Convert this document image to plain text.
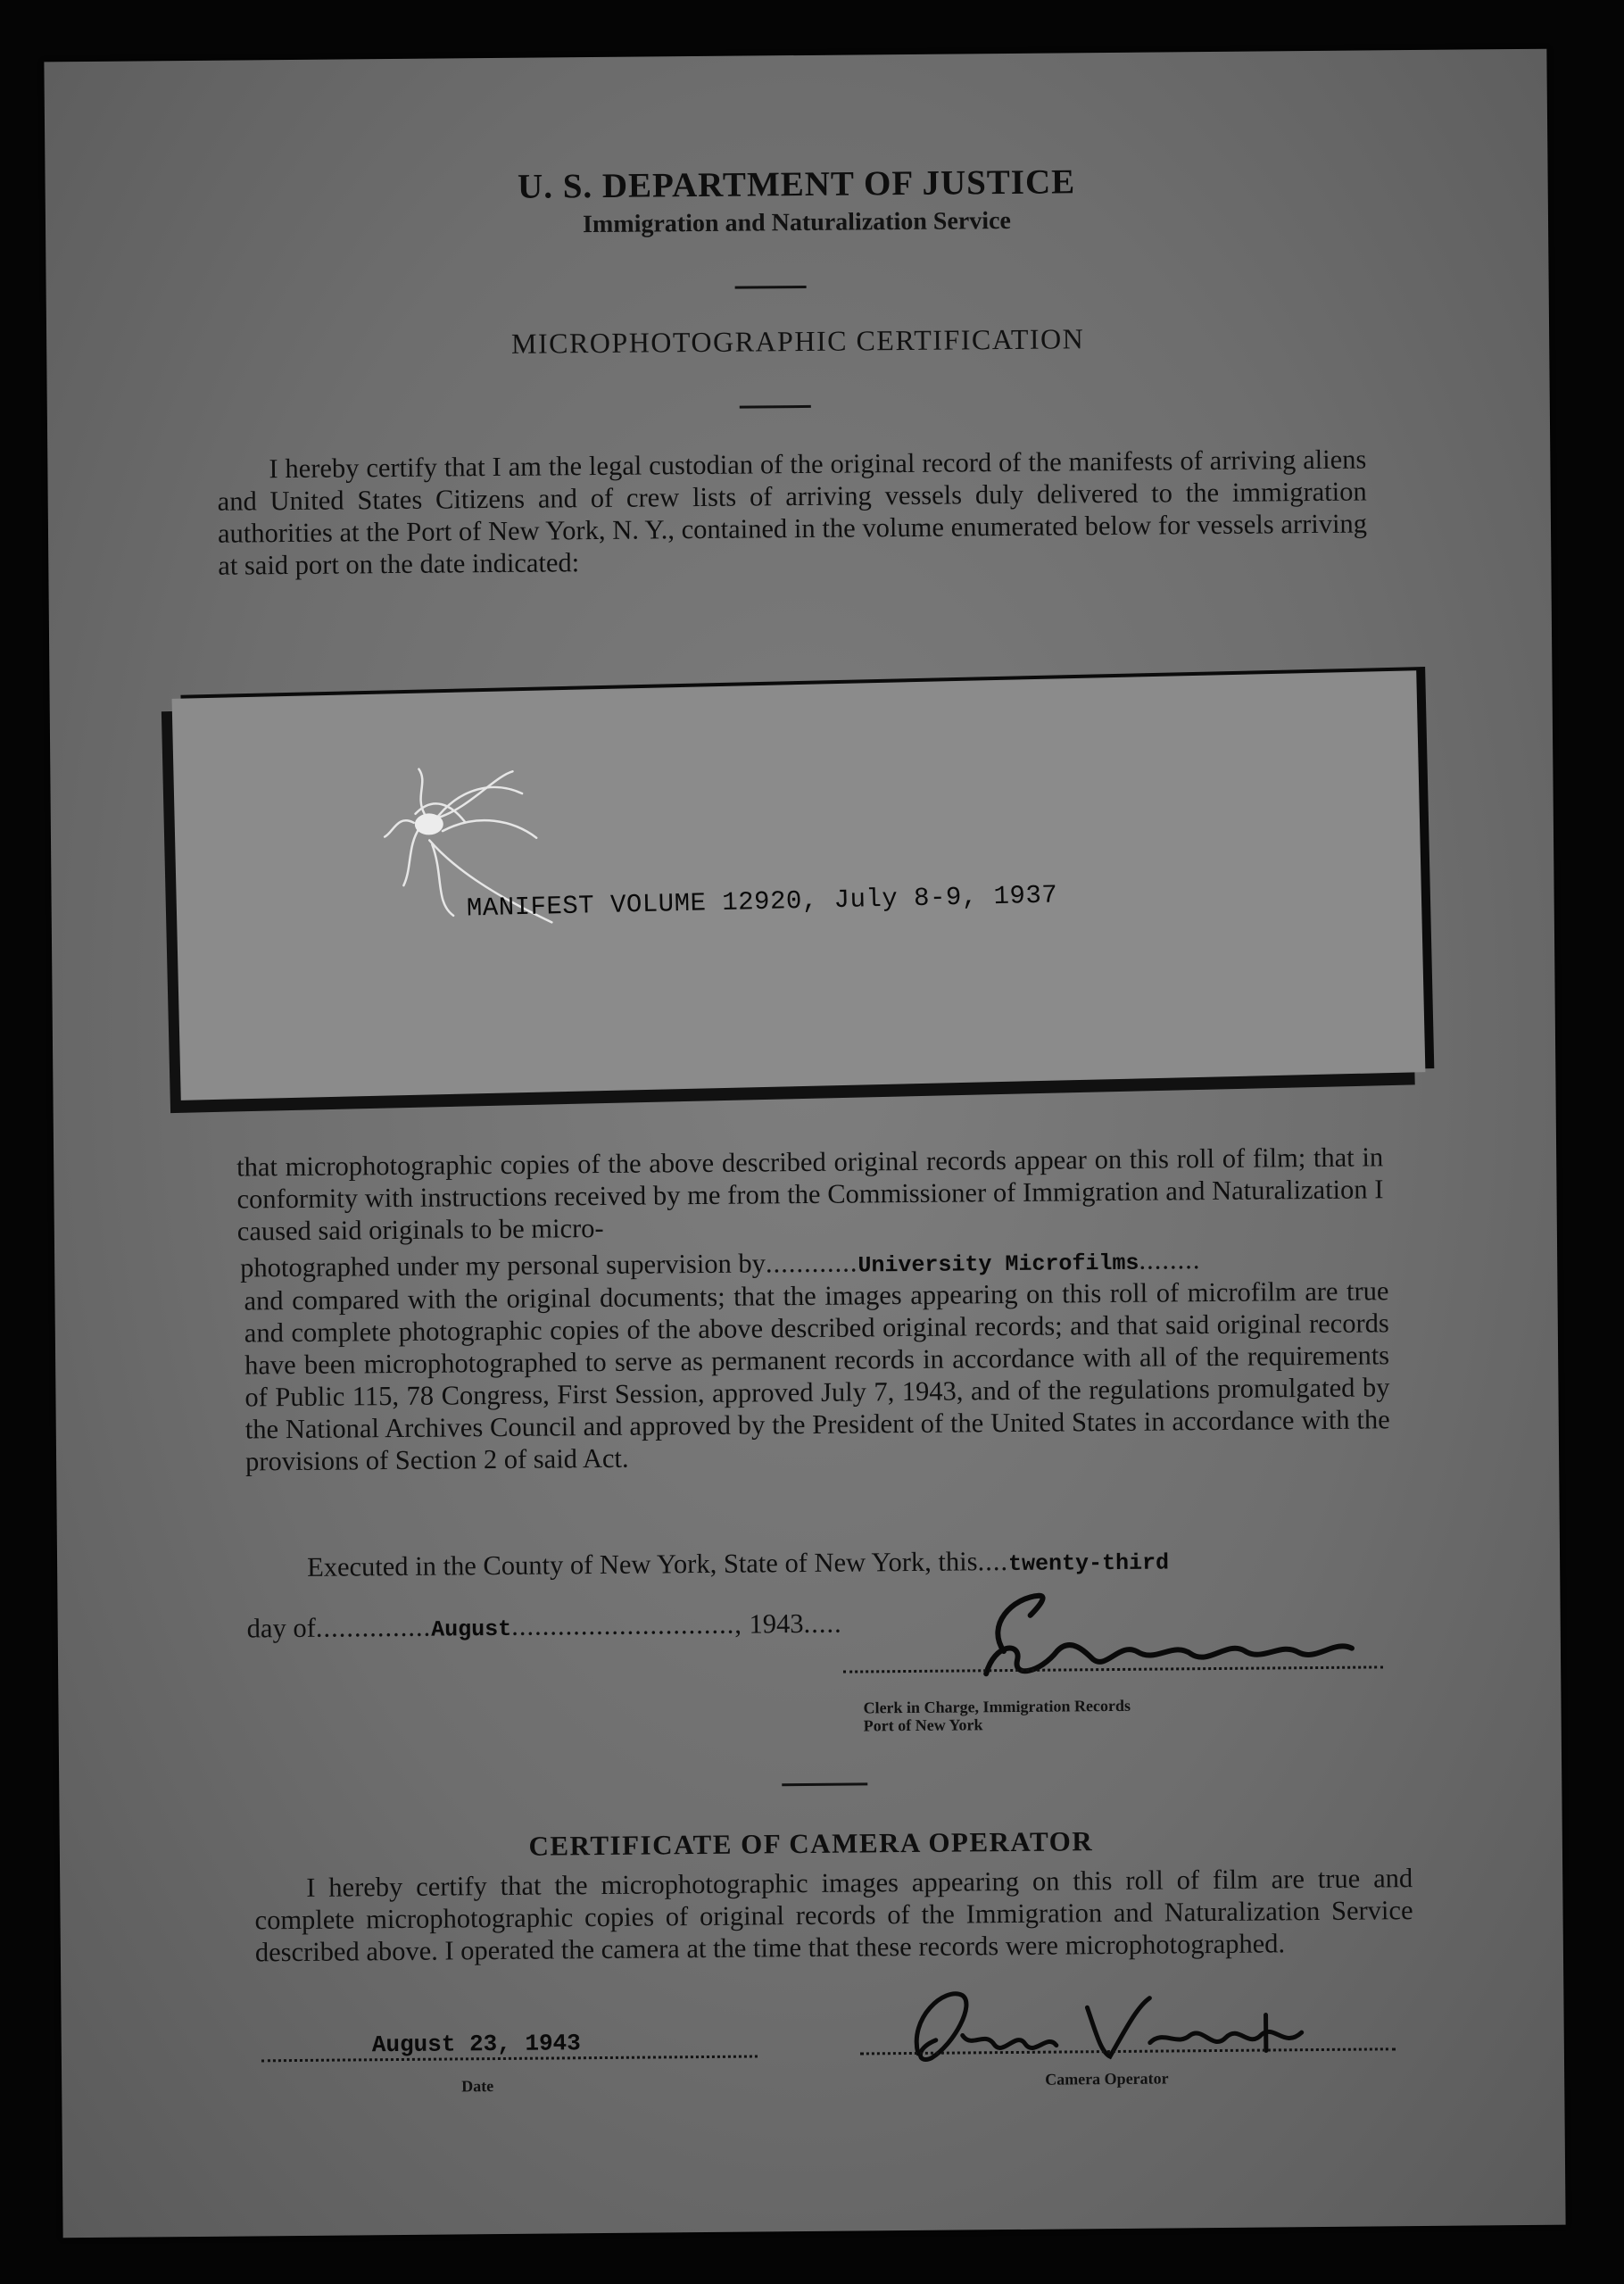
U. S. DEPARTMENT OF JUSTICE
Immigration and Naturalization Service
MICROPHOTOGRAPHIC CERTIFICATION

I hereby certify that I am the legal custodian of the original record of the manifests of arriving aliens and United States Citizens and of crew lists of arriving vessels duly delivered to the immigration authorities at the Port of New York, N. Y., contained in the volume enumerated below for vessels arriving at said port on the date indicated:

MANIFEST VOLUME 12920, July 8-9, 1937

that microphotographic copies of the above described original records appear on this roll of film; that in conformity with instructions received by me from the Commissioner of Immigration and Naturalization I caused said originals to be micro-

photographed under my personal supervision by............University Microfilms........

and compared with the original documents; that the images appearing on this roll of microfilm are true and complete photographic copies of the above described original records; and that said original records have been microphotographed to serve as permanent records in accordance with all of the requirements of Public 115, 78 Congress, First Session, approved July 7, 1943, and of the regulations promulgated by the National Archives Council and approved by the President of the United States in accordance with the provisions of Section 2 of said Act.

Executed in the County of New York, State of New York, this....twenty-third
day of...............August............................., 1943.....
Clerk in Charge, Immigration Records
Port of New York
CERTIFICATE OF CAMERA OPERATOR

I hereby certify that the microphotographic images appearing on this roll of film are true and complete microphotographic copies of original records of the Immigration and Naturalization Service described above. I operated the camera at the time that these records were microphotographed.

August 23, 1943
Date	Camera Operator
